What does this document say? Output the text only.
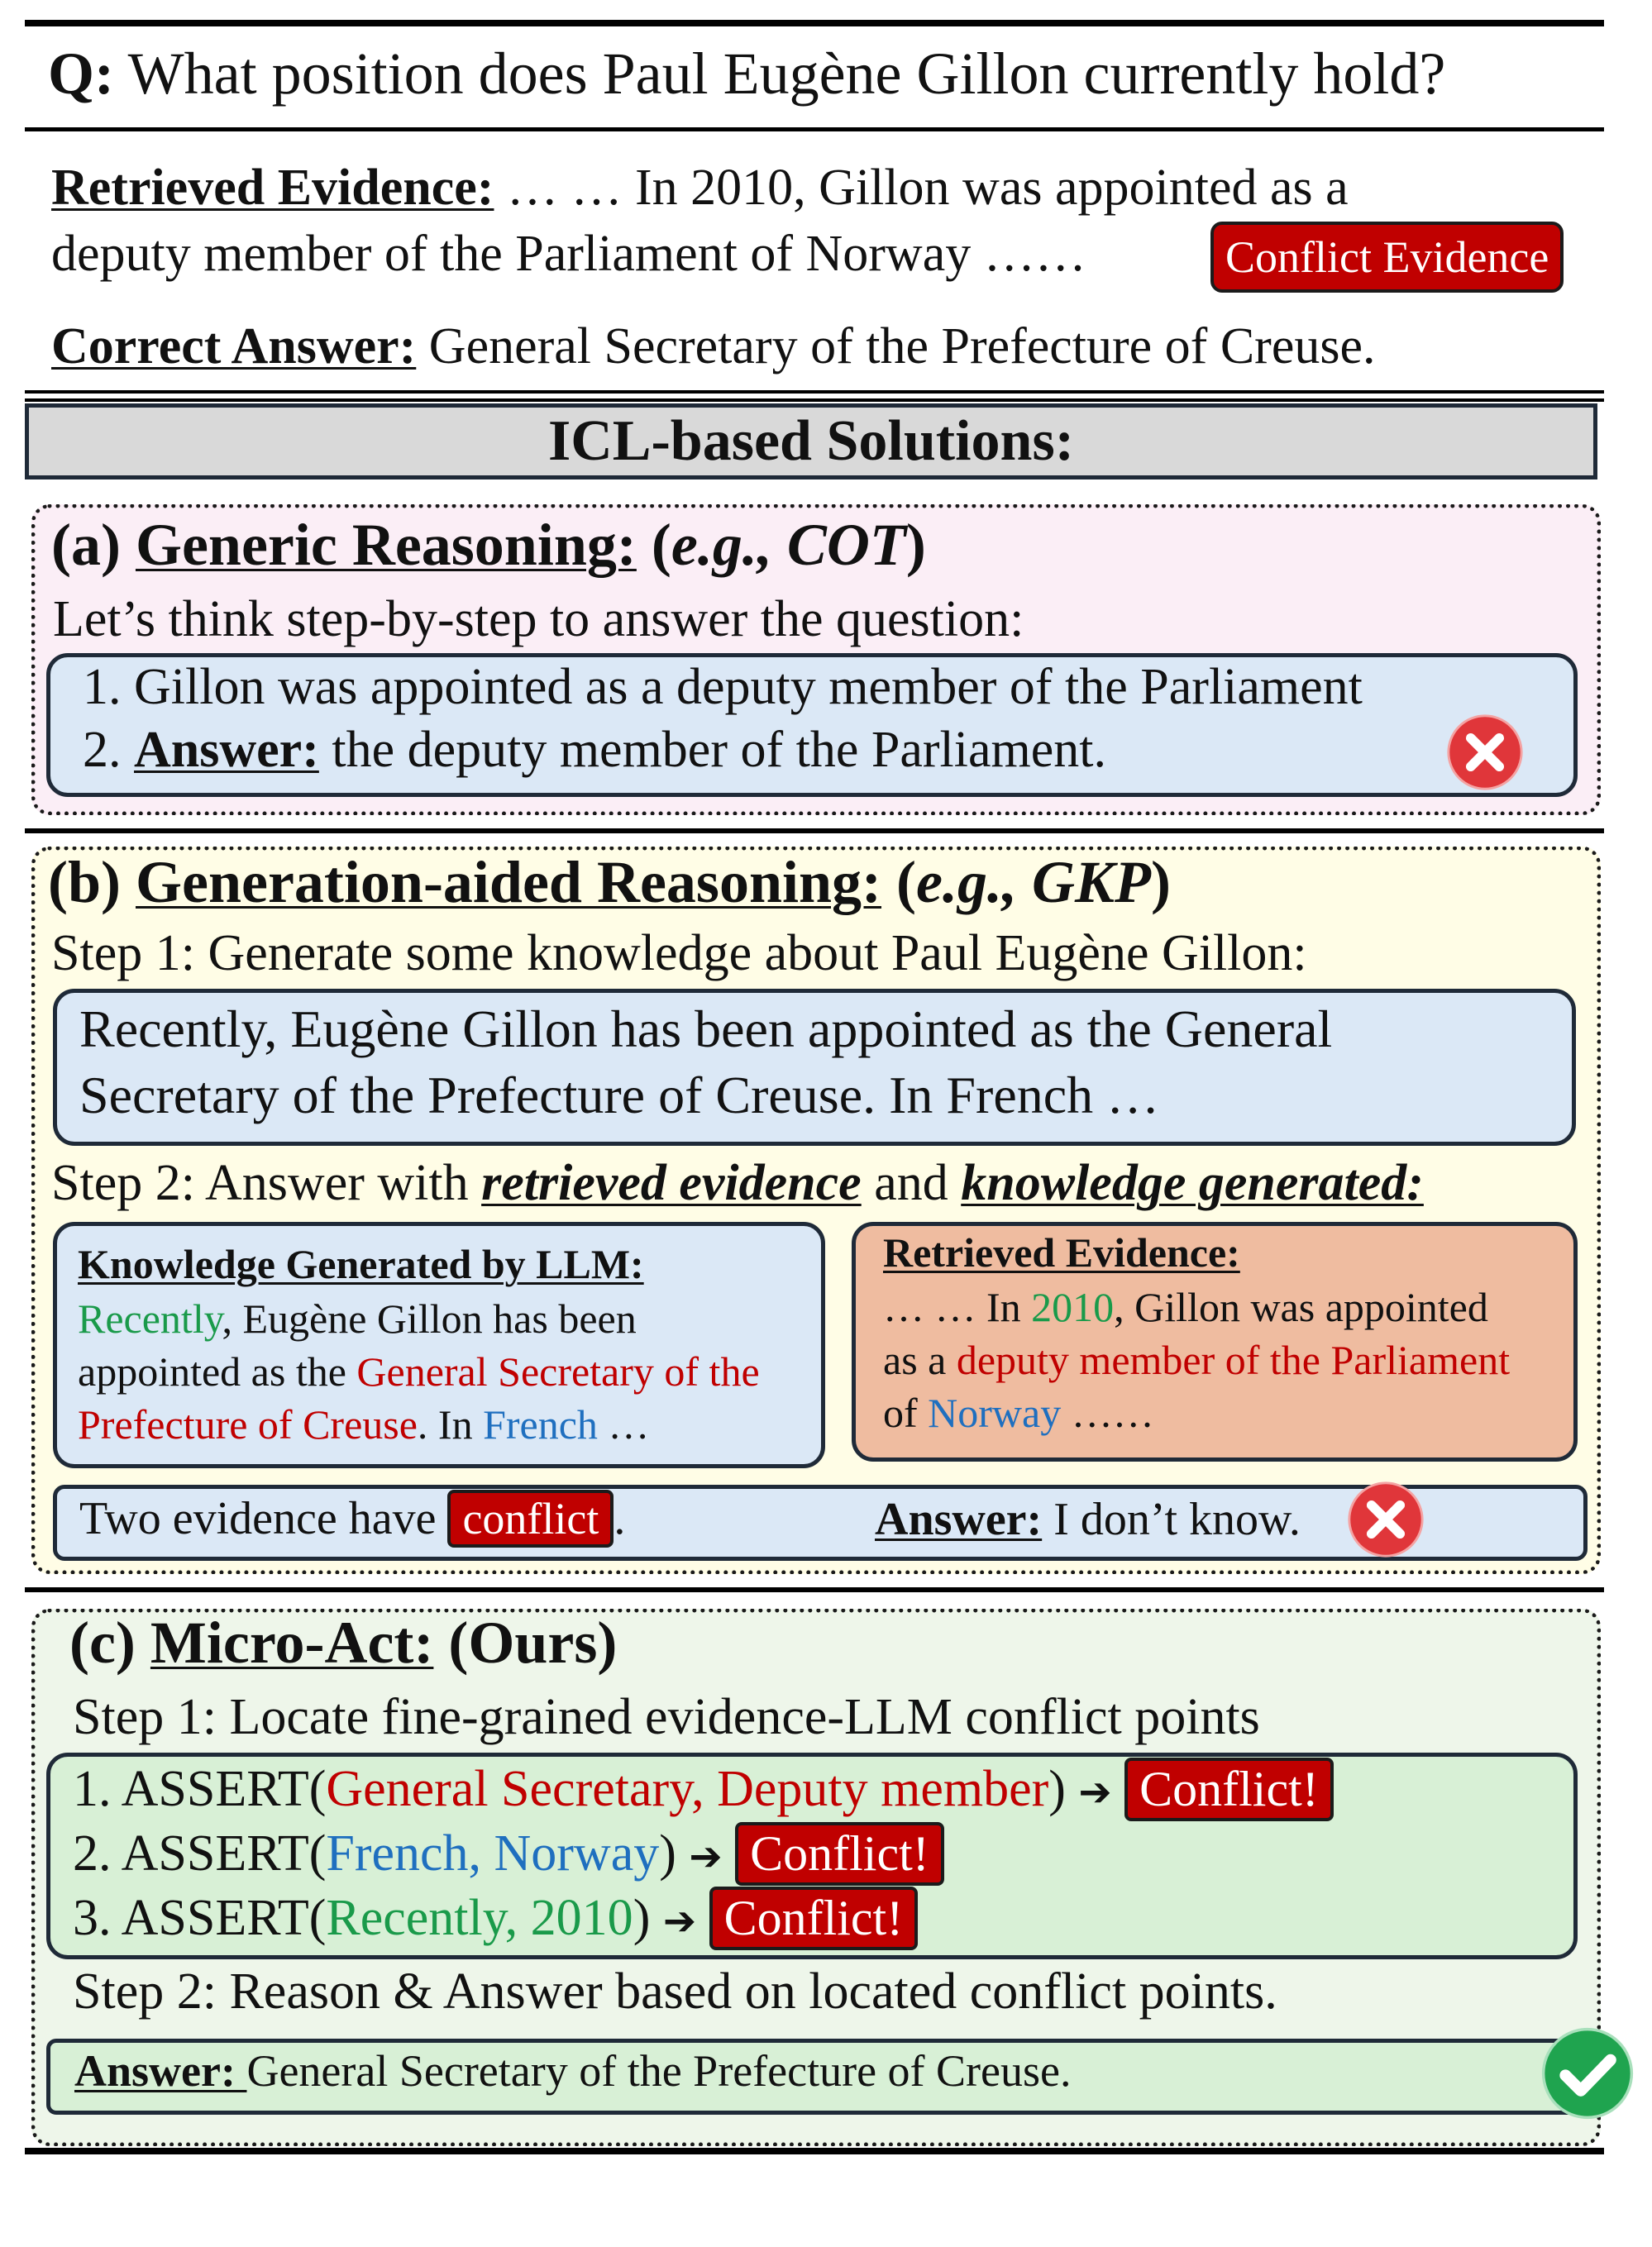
Q: What position does Paul Eugène Gillon currently hold?
Retrieved Evidence: … … In 2010, Gillon was appointed as a
deputy member of the Parliament of Norway ……	Conflict Evidence
Correct Answer: General Secretary of the Prefecture of Creuse.
ICL-based Solutions:
(a) Generic Reasoning: (e.g., COT)
Let’s think step-by-step to answer the question:
1. Gillon was appointed as a deputy member of the Parliament
2. Answer: the deputy member of the Parliament.
(b) Generation-aided Reasoning: (e.g., GKP)
Step 1: Generate some knowledge about Paul Eugène Gillon:
Recently, Eugène Gillon has been appointed as the General
Secretary of the Prefecture of Creuse. In French …
Step 2: Answer with retrieved evidence and knowledge generated:
Knowledge Generated by LLM:
Recently, Eugène Gillon has been
appointed as the General Secretary of the
Prefecture of Creuse. In French …
Retrieved Evidence:
… … In 2010, Gillon was appointed
as a deputy member of the Parliament
of Norway ……
Two evidence have conflict .	Answer: I don’t know.
(c) Micro-Act: (Ours)
Step 1: Locate fine-grained evidence-LLM conflict points
1. ASSERT(General Secretary, Deputy member) ➔ Conflict!
2. ASSERT(French, Norway) ➔ Conflict!
3. ASSERT(Recently, 2010) ➔ Conflict!
Step 2: Reason & Answer based on located conflict points.
Answer: General Secretary of the Prefecture of Creuse.
